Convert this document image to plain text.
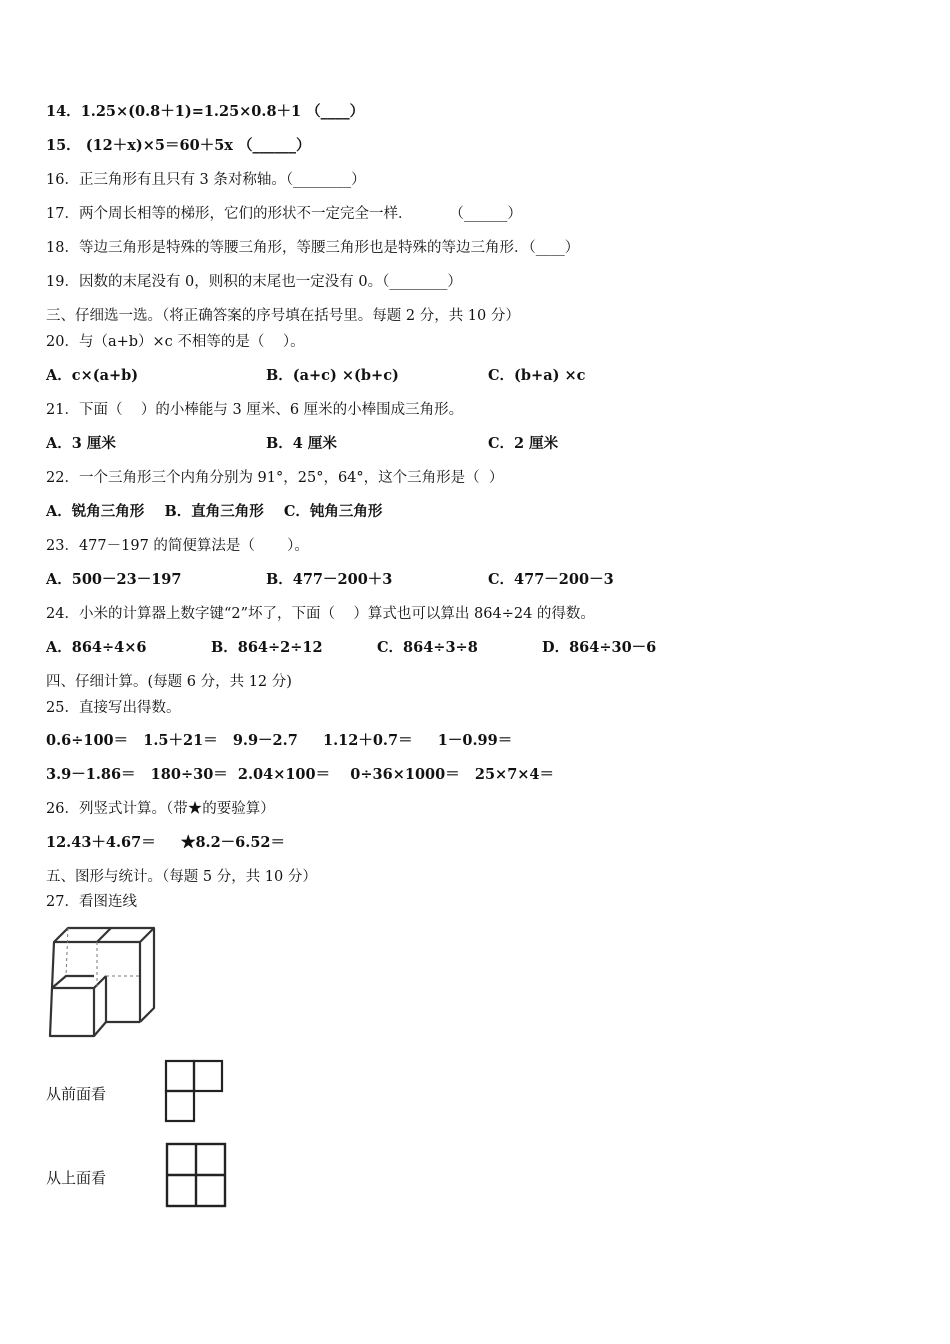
14．1.25×(0.8＋1)=1.25×0.8＋1 （____）
15． (12＋x)×5＝60＋5x （______）
16．正三角形有且只有 3 条对称轴。（________）
17．两个周长相等的梯形，它们的形状不一定完全一样．        （______）
18．等边三角形是特殊的等腰三角形，等腰三角形也是特殊的等边三角形．（____）
19．因数的末尾没有 0，则积的末尾也一定没有 0。（________）
三、仔细选一选。（将正确答案的序号填在括号里。每题 2 分，共 10 分）
20．与（a+b）×c 不相等的是（    ）。
A．c×(a+b)	B．(a+c) ×(b+c)	C．(b+a) ×c
21．下面（    ）的小棒能与 3 厘米、6 厘米的小棒围成三角形。
A．3 厘米	B．4 厘米	C．2 厘米
22．一个三角形三个内角分别为 91°，25°，64°，这个三角形是（  ）
A．锐角三角形    B．直角三角形    C．钝角三角形
23．477－197 的简便算法是（       ）。
A．500－23－197	B．477－200＋3	C．477－200－3
24．小米的计算器上数字键“2”坏了，下面（    ）算式也可以算出 864÷24 的得数。
A．864÷4×6	B．864÷2÷12	C．864÷3÷8	D．864÷30－6
四、仔细计算。(每题 6 分，共 12 分)
25．直接写出得数。
0.6÷100＝   1.5＋21＝   9.9－2.7     1.12＋0.7＝     1－0.99＝
3.9－1.86＝   180÷30＝  2.04×100＝    0÷36×1000＝   25×7×4＝
26．列竖式计算。（带★的要验算）
12.43＋4.67＝     ★8.2－6.52＝
五、图形与统计。（每题 5 分，共 10 分）
27．看图连线
从前面看
从上面看
